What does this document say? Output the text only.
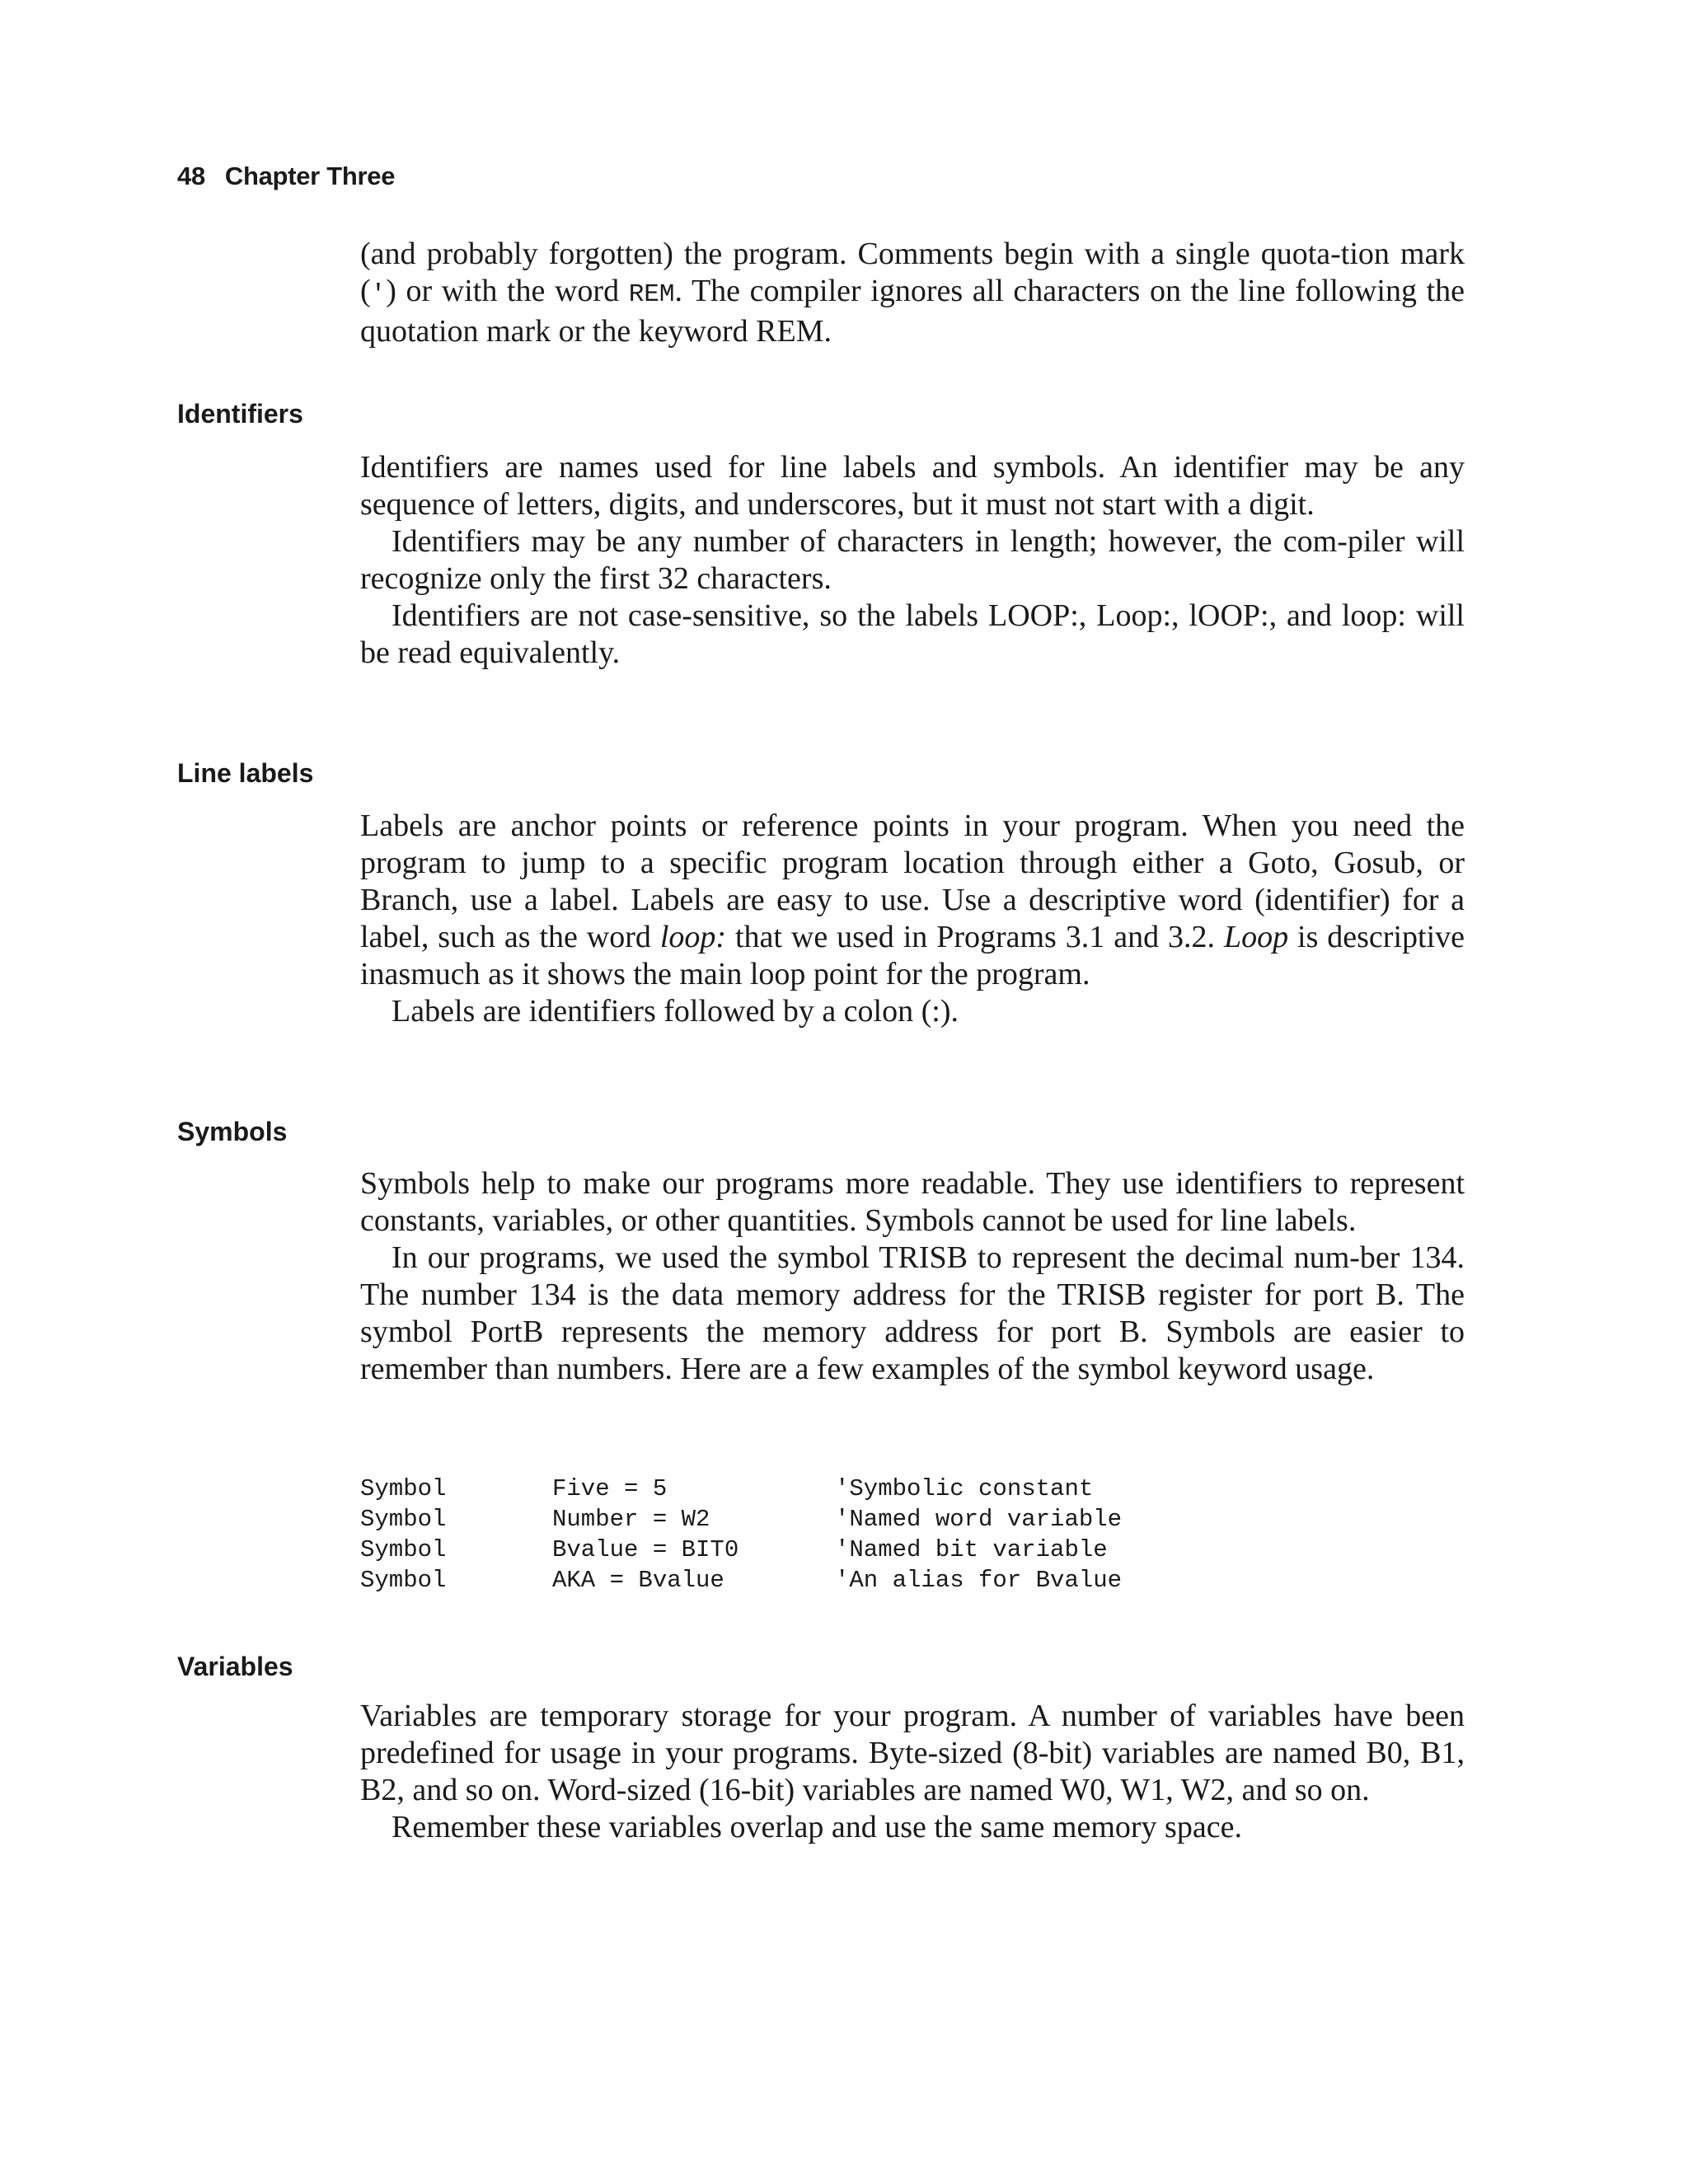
48 Chapter Three

(and probably forgotten) the program. Comments begin with a single quota-tion mark (') or with the word REM. The compiler ignores all characters on the line following the quotation mark or the keyword REM.

Identifiers

Identifiers are names used for line labels and symbols. An identifier may be any sequence of letters, digits, and underscores, but it must not start with a digit.

Identifiers may be any number of characters in length; however, the com-piler will recognize only the first 32 characters.

Identifiers are not case-sensitive, so the labels LOOP:, Loop:, lOOP:, and loop: will be read equivalently.

Line labels

Labels are anchor points or reference points in your program. When you need the program to jump to a specific program location through either a Goto, Gosub, or Branch, use a label. Labels are easy to use. Use a descriptive word (identifier) for a label, such as the word loop: that we used in Programs 3.1 and 3.2. Loop is descriptive inasmuch as it shows the main loop point for the program.

Labels are identifiers followed by a colon (:).

Symbols

Symbols help to make our programs more readable. They use identifiers to represent constants, variables, or other quantities. Symbols cannot be used for line labels.

In our programs, we used the symbol TRISB to represent the decimal num-ber 134. The number 134 is the data memory address for the TRISB register for port B. The symbol PortB represents the memory address for port B. Symbols are easier to remember than numbers. Here are a few examples of the symbol keyword usage.

Symbol	Five = 5	'Symbolic constant
Symbol	Number = W2	'Named word variable
Symbol	Bvalue = BIT0	'Named bit variable
Symbol	AKA = Bvalue	'An alias for Bvalue
Variables

Variables are temporary storage for your program. A number of variables have been predefined for usage in your programs. Byte-sized (8-bit) variables are named B0, B1, B2, and so on. Word-sized (16-bit) variables are named W0, W1, W2, and so on.

Remember these variables overlap and use the same memory space.
